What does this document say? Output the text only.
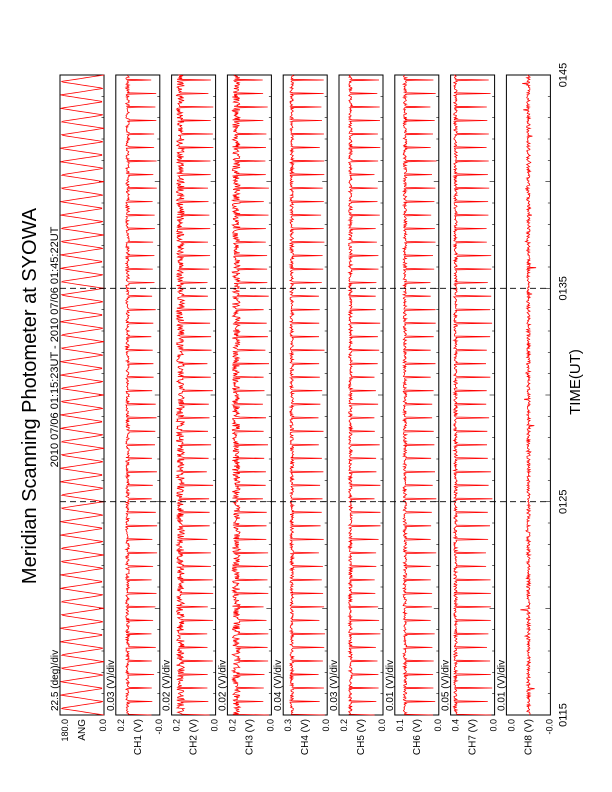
Meridian Scanning Photometer at SYOWA 2010 07/06 01:15:23UT - 2010 07/06 01:45:22UT
22.5 (deg)/div
ANG 0.0
180.0
0.03 (V)/div
CH1 (V) -0.0
0.2
0.02 (V)/div
CH2 (V) 0.0
0.2
0.02 (V)/div
CH3 (V) 0.0
0.2
0.04 (V)/div
CH4 (V) 0.0
0.3
0.03 (V)/div
CH5 (V) 0.0
0.2
0.01 (V)/div
CH6 (V) 0.0
0.1
0.05 (V)/div
CH7 (V) 0.0
0.4
0.01 (V)/div
CH8 (V) -0.0
0.0	0115
0125
0135
0145
TIME(UT)
